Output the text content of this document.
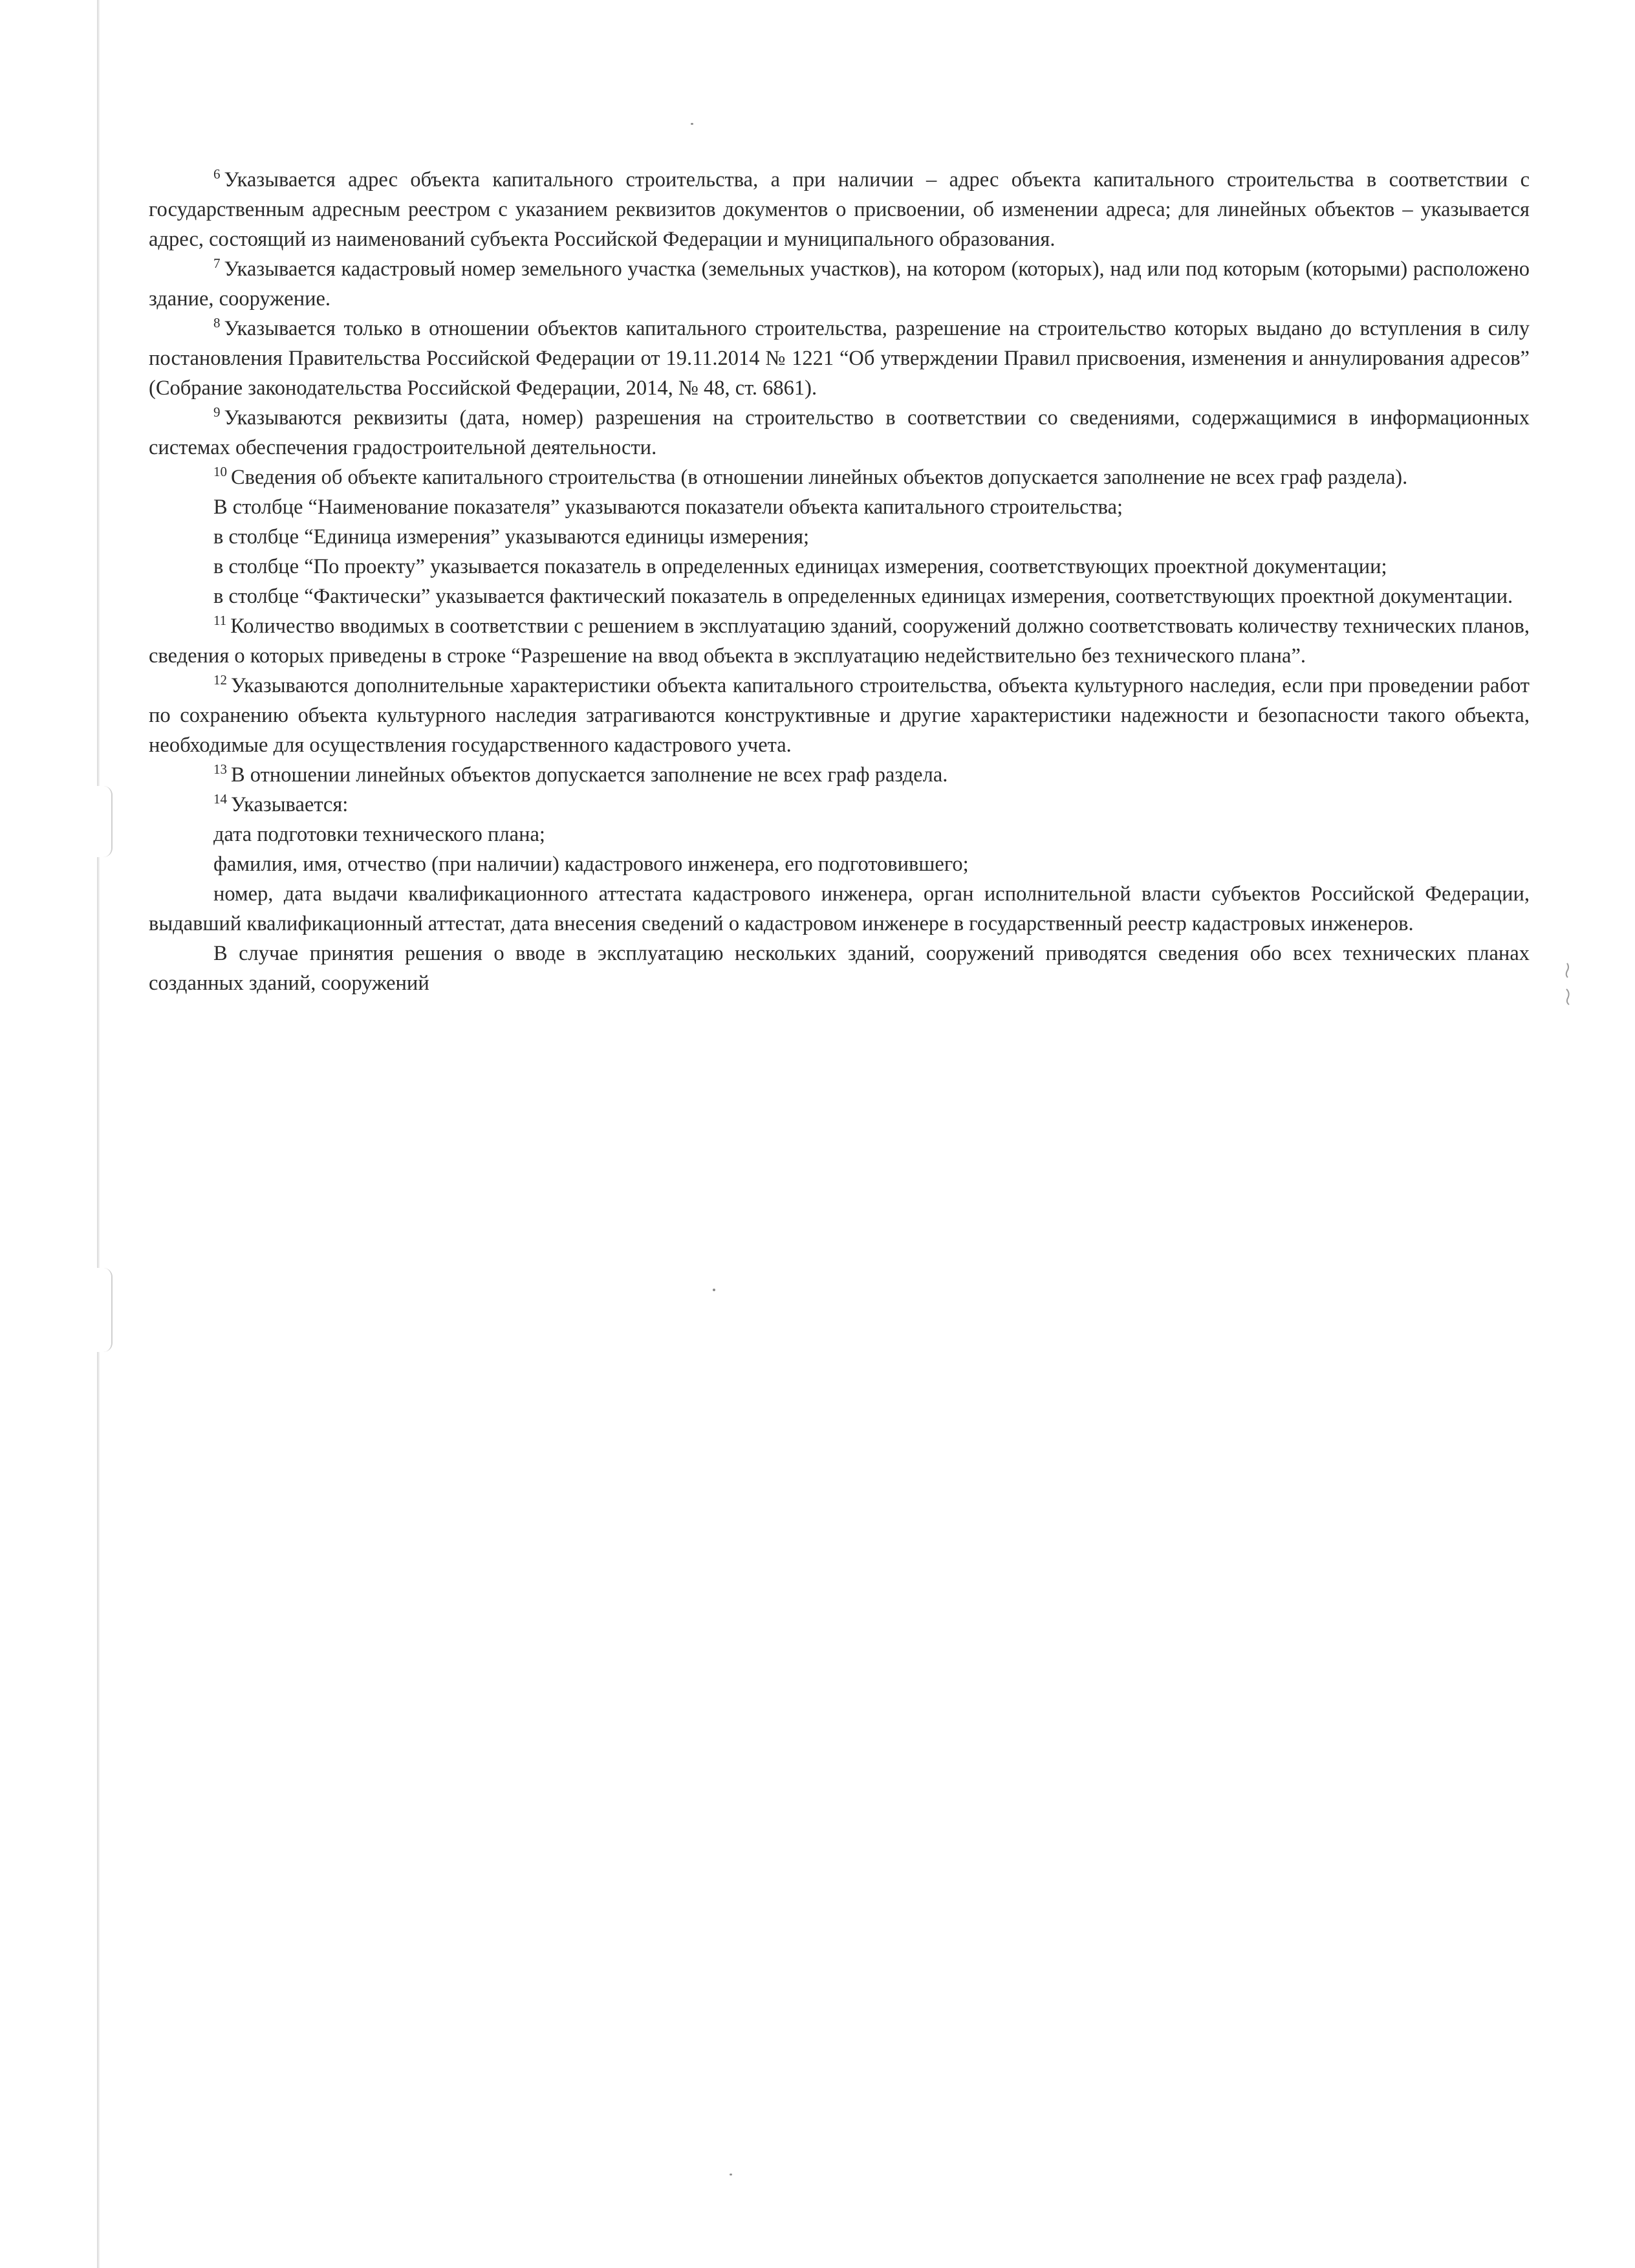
$^6$ Указывается адрес объекта капитального строительства, а при наличии – адрес объекта капитального строительства в соответствии с государственным адресным реестром с указанием реквизитов документов о присвоении, об изменении адреса; для линейных объектов – указывается адрес, состоящий из наименований субъекта Российской Федерации и муниципального образования.

$^7$ Указывается кадастровый номер земельного участка (земельных участков), на котором (которых), над или под которым (которыми) расположено здание, сооружение.

$^8$ Указывается только в отношении объектов капитального строительства, разрешение на строительство которых выдано до вступления в силу постановления Правительства Российской Федерации от 19.11.2014 № 1221 “Об утверждении Правил присвоения, изменения и аннулирования адресов” (Собрание законодательства Российской Федерации, 2014, № 48, ст. 6861).

$^9$ Указываются реквизиты (дата, номер) разрешения на строительство в соответствии со сведениями, содержащимися в информационных системах обеспечения градостроительной деятельности.

$^{10}$ Сведения об объекте капитального строительства (в отношении линейных объектов допускается заполнение не всех граф раздела).

В столбце “Наименование показателя” указываются показатели объекта капитального строительства;

в столбце “Единица измерения” указываются единицы измерения;

в столбце “По проекту” указывается показатель в определенных единицах измерения, соответствующих проектной документации;

в столбце “Фактически” указывается фактический показатель в определенных единицах измерения, соответствующих проектной документации.

$^{11}$ Количество вводимых в соответствии с решением в эксплуатацию зданий, сооружений должно соответствовать количеству технических планов, сведения о которых приведены в строке “Разрешение на ввод объекта в эксплуатацию недействительно без технического плана”.

$^{12}$ Указываются дополнительные характеристики объекта капитального строительства, объекта культурного наследия, если при проведении работ по сохранению объекта культурного наследия затрагиваются конструктивные и другие характеристики надежности и безопасности такого объекта, необходимые для осуществления государственного кадастрового учета.

$^{13}$ В отношении линейных объектов допускается заполнение не всех граф раздела.

$^{14}$ Указывается:

дата подготовки технического плана;

фамилия, имя, отчество (при наличии) кадастрового инженера, его подготовившего;

номер, дата выдачи квалификационного аттестата кадастрового инженера, орган исполнительной власти субъектов Российской Федерации, выдавший квалификационный аттестат, дата внесения сведений о кадастровом инженере в государственный реестр кадастровых инженеров.

В случае принятия решения о вводе в эксплуатацию нескольких зданий, сооружений приводятся сведения обо всех технических планах созданных зданий, сооружений
